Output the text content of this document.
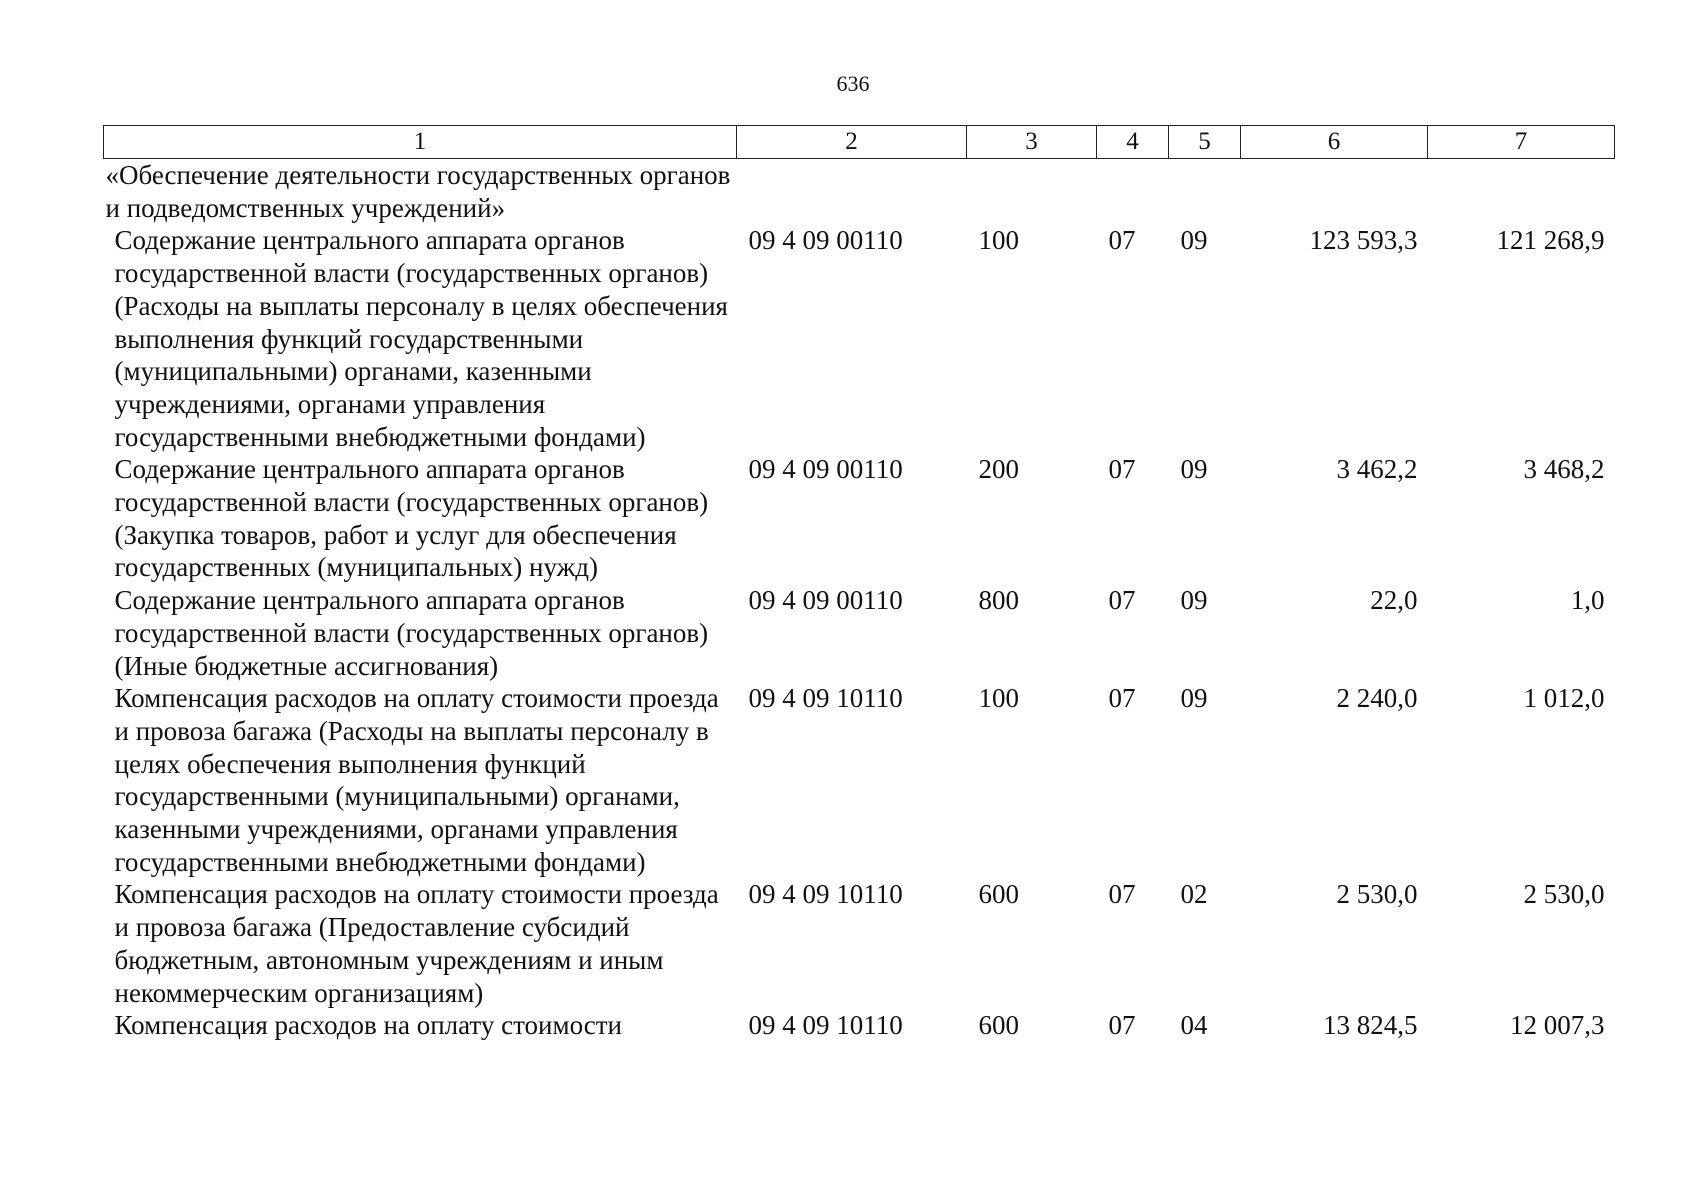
636
1	2	3	4	5	6	7
«Обеспечение деятельности государственных органов и подведомственных учреждений»						
Содержание центрального аппарата органов государственной власти (государственных органов) (Расходы на выплаты персоналу в целях обеспечения выполнения функций государственными (муниципальными) органами, казенными учреждениями, органами управления государственными внебюджетными фондами)	09 4 09 00110	100	07	09	123 593,3	121 268,9
Содержание центрального аппарата органов государственной власти (государственных органов) (Закупка товаров, работ и услуг для обеспечения государственных (муниципальных) нужд)	09 4 09 00110	200	07	09	3 462,2	3 468,2
Содержание центрального аппарата органов государственной власти (государственных органов) (Иные бюджетные ассигнования)	09 4 09 00110	800	07	09	22,0	1,0
Компенсация расходов на оплату стоимости проезда и провоза багажа (Расходы на выплаты персоналу в целях обеспечения выполнения функций государственными (муниципальными) органами, казенными учреждениями, органами управления государственными внебюджетными фондами)	09 4 09 10110	100	07	09	2 240,0	1 012,0
Компенсация расходов на оплату стоимости проезда и провоза багажа (Предоставление субсидий бюджетным, автономным учреждениям и иным некоммерческим организациям)	09 4 09 10110	600	07	02	2 530,0	2 530,0
Компенсация расходов на оплату стоимости	09 4 09 10110	600	07	04	13 824,5	12 007,3
